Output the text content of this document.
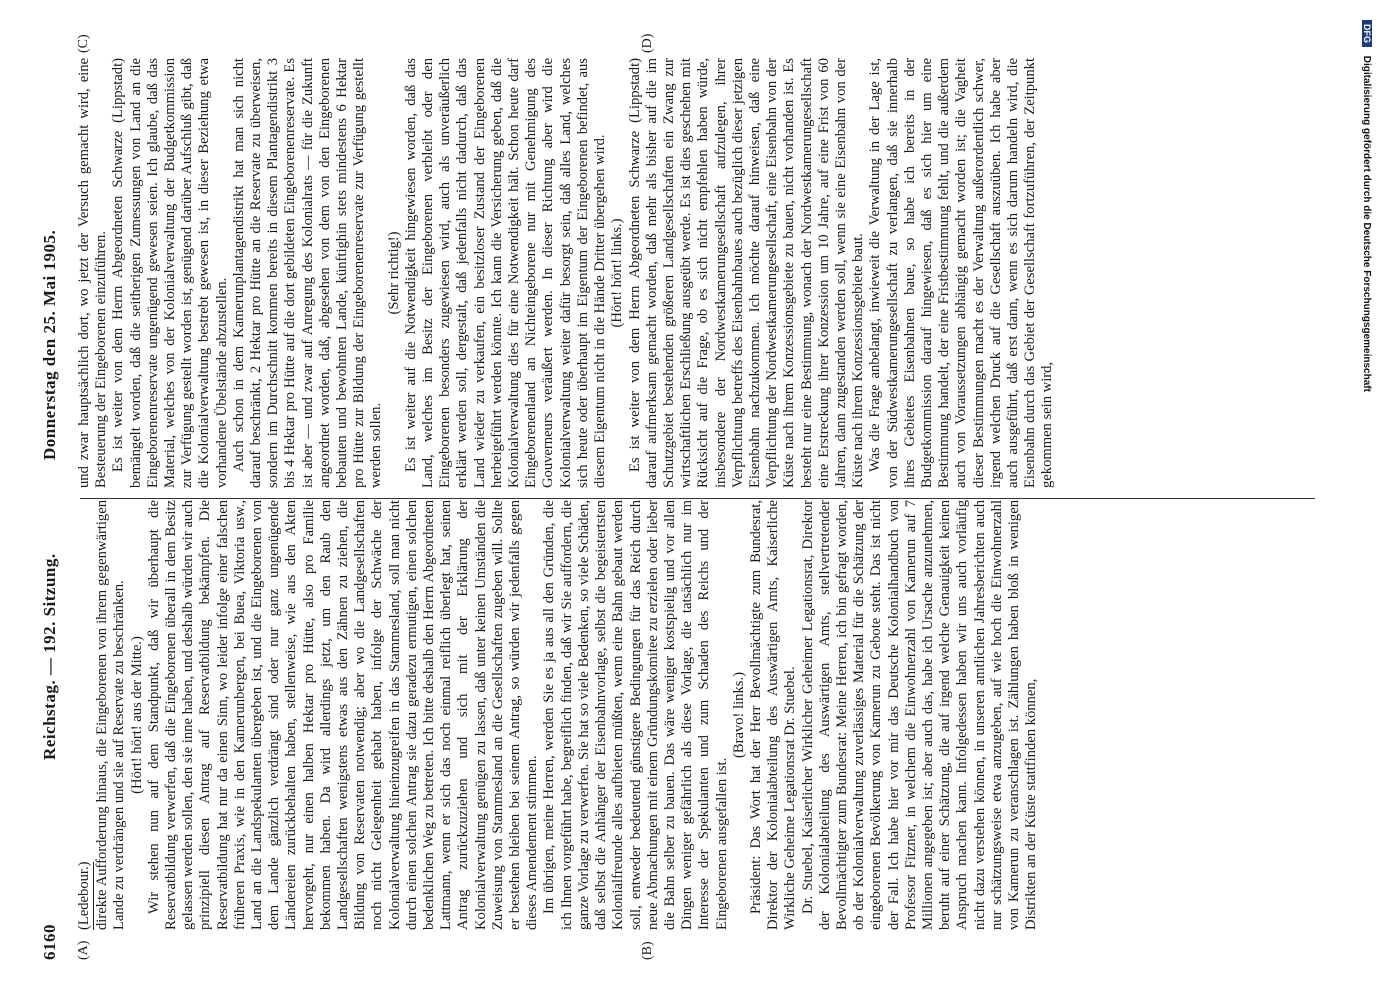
6160
Reichstag. — 192. Sitzung.
Donnerstag den 25. Mai 1905.
(A)	(B)
(C)	(D)

(Ledebour.) direkte Aufforderung hinaus, die Eingeborenen von ihrem gegenwärtigen Lande zu verdrängen und sie auf Reservate zu beschränken. (Hört! hört! aus der Mitte.) Wir stehen nun auf dem Standpunkt, daß wir überhaupt die Reservatbildung verwerfen, daß die Eingeborenen überall in dem Besitz gelassen werden sollen, den sie inne haben, und deshalb würden wir auch prinzipiell diesen Antrag auf Reservatbildung bekämpfen. Die Reservatbildung hat nur da einen Sinn, wo leider infolge einer falschen früheren Praxis, wie in den Kamerunbergen, bei Buea, Viktoria usw., Land an die Landspekulanten übergeben ist, und die Eingeborenen von dem Lande gänzlich verdrängt sind oder nur ganz ungenügende Ländereien zurückbehalten haben, stellenweise, wie aus den Akten hervorgeht, nur einen halben Hektar pro Hütte, also pro Familie bekommen haben. Da wird allerdings jetzt, um den Raub den Landgesellschaften wenigstens etwas aus den Zähnen zu ziehen, die Bildung von Reservaten notwendig; aber wo die Landgesellschaften noch nicht Gelegenheit gehabt haben, infolge der Schwäche der Kolonialverwaltung hineinzugreifen in das Stammesland, soll man nicht durch einen solchen Antrag sie dazu geradezu ermutigen, einen solchen bedenklichen Weg zu betreten. Ich bitte deshalb den Herrn Abgeordneten Lattmann, wenn er sich das noch einmal reiflich überlegt hat, seinen Antrag zurückzuziehen und sich mit der Erklärung der Kolonialverwaltung genügen zu lassen, daß unter keinen Umständen die Zuweisung von Stammesland an die Gesellschaften zugeben will. Sollte er bestehen bleiben bei seinem Antrag, so würden wir jedenfalls gegen dieses Amendement stimmen. Im übrigen, meine Herren, werden Sie es ja aus all den Gründen, die ich Ihnen vorgeführt habe, begreiflich finden, daß wir Sie auffordern, die ganze Vorlage zu verwerfen. Sie hat so viele Bedenken, so viele Schäden, daß selbst die Anhänger der Eisenbahnvorlage, selbst die begeistertsten Kolonialfreunde alles aufbieten müßten, wenn eine Bahn gebaut werden soll, entweder bedeutend günstigere Bedingungen für das Reich durch neue Abmachungen mit einem Gründungskomitee zu erzielen oder lieber die Bahn selber zu bauen. Das wäre weniger kostspielig und vor allen Dingen weniger gefährlich als diese Vorlage, die tatsächlich nur im Interesse der Spekulanten und zum Schaden des Reichs und der Eingeborenen ausgefallen ist.

(Bravo! links.) Präsident: Das Wort hat der Herr Bevollmächtigte zum Bundesrat, Direktor der Kolonialabteilung des Auswärtigen Amts, Kaiserliche Wirkliche Geheime Legationsrat Dr. Stuebel. Dr. Stuebel, Kaiserlicher Wirklicher Geheimer Legationsrat, Direktor der Kolonialabteilung des Auswärtigen Amts, stellvertretender Bevollmächtigter zum Bundesrat: Meine Herren, ich bin gefragt worden, ob der Kolonialverwaltung zuverlässiges Material für die Schätzung der eingeborenen Bevölkerung von Kamerun zu Gebote steht. Das ist nicht der Fall. Ich habe hier vor mir das Deutsche Kolonialhandbuch von Professor Fitzner, in welchem die Einwohnerzahl von Kamerun auf 7 Millionen angegeben ist; aber auch das, habe ich Ursache anzunehmen, beruht auf einer Schätzung, die auf irgend welche Genauigkeit keinen Anspruch machen kann. Infolgedessen haben wir uns auch vorläufig nicht dazu verstehen können, in unseren amtlichen Jahresberichten auch nur schätzungsweise etwa anzugeben, auf wie hoch die Einwohnerzahl von Kamerun zu veranschlagen ist. Zählungen haben bloß in wenigen Distrikten an der Küste stattfinden können,

und zwar hauptsächlich dort, wo jetzt der Versuch gemacht wird, eine Besteuerung der Eingeborenen einzuführen. Es ist weiter von dem Herrn Abgeordneten Schwarze (Lippstadt) bemängelt worden, daß die seitherigen Zumessungen von Land an die Eingeborenenreservate ungenügend gewesen seien. Ich glaube, daß das Material, welches von der Kolonialverwaltung der Budgetkommission zur Verfügung gestellt worden ist, genügend darüber Aufschluß gibt, daß die Kolonialverwaltung bestrebt gewesen ist, in dieser Beziehung etwa vorhandene Übelstände abzustellen. Auch schon in dem Kamerunplantagendistrikt hat man sich nicht darauf beschränkt, 2 Hektar pro Hütte an die Reservate zu überweisen, sondern im Durchschnitt kommen bereits in diesem Plantagendistrikt 3 bis 4 Hektar pro Hütte auf die dort gebildeten Eingeborenenreservate. Es ist aber — und zwar auf Anregung des Kolonialrats — für die Zukunft angeordnet worden, daß, abgesehen von dem von den Eingeborenen bebauten und bewohnten Lande, künftighin stets mindestens 6 Hektar pro Hütte zur Bildung der Eingeborenenreservate zur Verfügung gestellt werden sollen.

(Sehr richtig!) Es ist weiter auf die Notwendigkeit hingewiesen worden, daß das Land, welches im Besitz der Eingeborenen verbleibt oder den Eingeborenen besonders zugewiesen wird, auch als unveräußerlich erklärt werden soll, dergestalt, daß jedenfalls nicht dadurch, daß das Land wieder zu verkaufen, ein besitzloser Zustand der Eingeborenen herbeigeführt werden könnte. Ich kann die Versicherung geben, daß die Kolonialverwaltung dies für eine Notwendigkeit hält. Schon heute darf Eingeborenenland an Nichteingeborene nur mit Genehmigung des Gouverneurs veräußert werden. In dieser Richtung aber wird die Kolonialverwaltung weiter dafür besorgt sein, daß alles Land, welches sich heute oder überhaupt im Eigentum der Eingeborenen befindet, aus diesem Eigentum nicht in die Hände Dritter übergehen wird. (Hört! hört! links.) Es ist weiter von dem Herrn Abgeordneten Schwarze (Lippstadt) darauf aufmerksam gemacht worden, daß mehr als bisher auf die im Schutzgebiet bestehenden größeren Landgesellschaften ein Zwang zur wirtschaftlichen Erschließung ausgeübt werde. Es ist dies geschehen mit Rücksicht auf die Frage, ob es sich nicht empfehlen haben würde, insbesondere der Nordwestkamerungesellschaft aufzulegen, ihrer Verpflichtung betreffs des Eisenbahnbaues auch bezüglich dieser jetzigen Eisenbahn nachzukommen. Ich möchte darauf hinweisen, daß eine Verpflichtung der Nordwestkamerungesellschaft, eine Eisenbahn von der Küste nach ihrem Konzessionsgebiete zu bauen, nicht vorhanden ist. Es besteht nur eine Bestimmung, wonach der Nordwestkamerungesellschaft eine Erstreckung ihrer Konzession um 10 Jahre, auf eine Frist von 60 Jahren, dann zugestanden werden soll, wenn sie eine Eisenbahn von der Küste nach ihrem Konzessionsgebiete baut. Was die Frage anbelangt, inwieweit die Verwaltung in der Lage ist, von der Südwestkamerungesellschaft zu verlangen, daß sie innerhalb ihres Gebietes Eisenbahnen baue, so habe ich bereits in der Budgetkommission darauf hingewiesen, daß es sich hier um eine Bestimmung handelt, der eine Fristbestimmung fehlt, und die außerdem auch von Voraussetzungen abhängig gemacht worden ist; die Vagheit dieser Bestimmungen macht es der Verwaltung außerordentlich schwer, irgend welchen Druck auf die Gesellschaft auszuüben. Ich habe aber auch ausgeführt, daß erst dann, wenn es sich darum handeln wird, die Eisenbahn durch das Gebiet der Gesellschaft fortzuführen, der Zeitpunkt gekommen sein wird,

DFG Digitalisierung gefördert durch die Deutsche Forschungsgemeinschaft
